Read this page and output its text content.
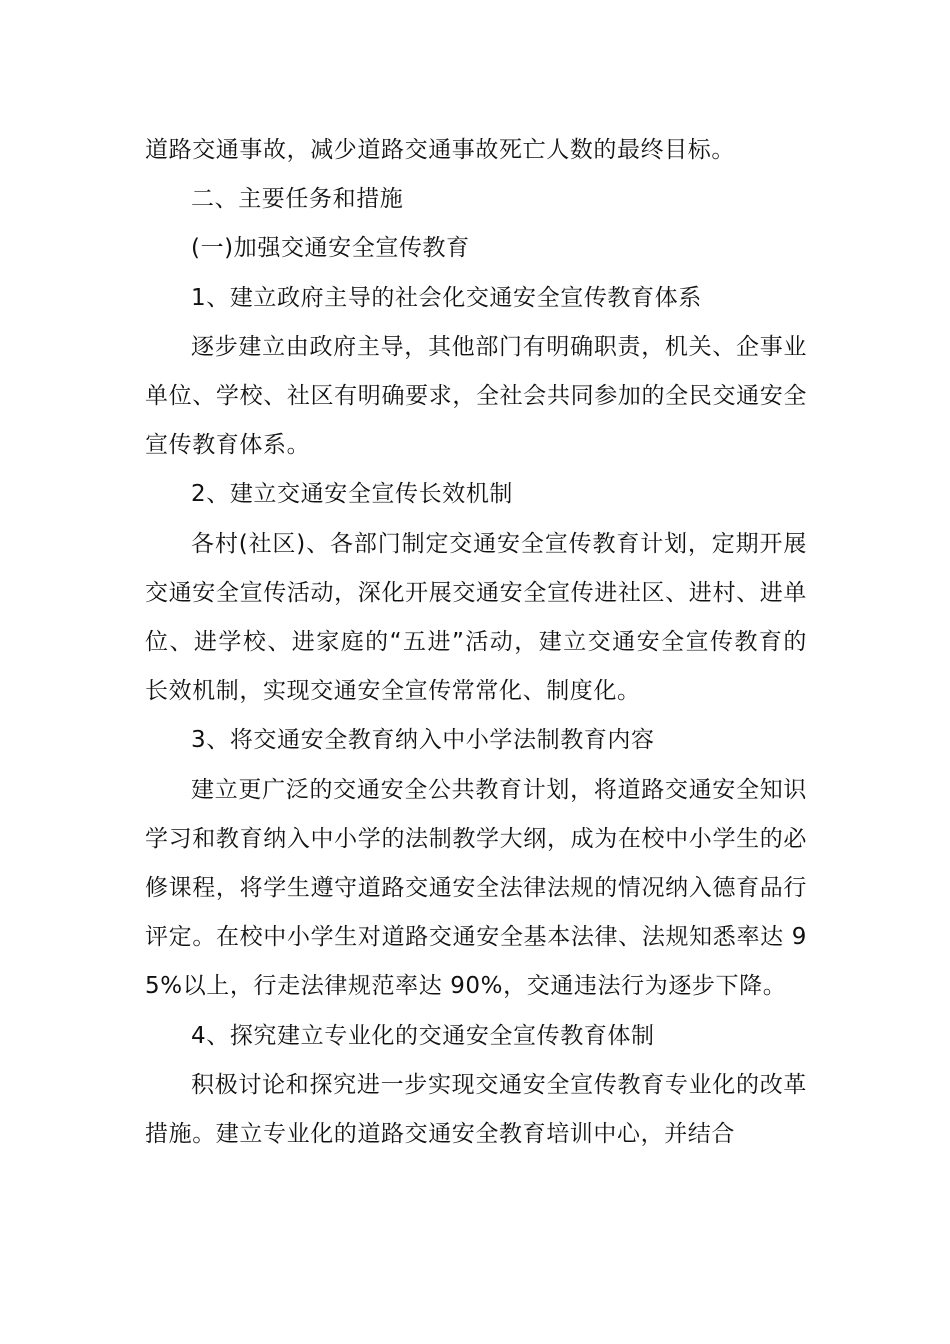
道路交通事故，减少道路交通事故死亡人数的最终目标。

二、主要任务和措施

(一)加强交通安全宣传教育

1、建立政府主导的社会化交通安全宣传教育体系

逐步建立由政府主导，其他部门有明确职责，机关、企事业单位、学校、社区有明确要求，全社会共同参加的全民交通安全宣传教育体系。

2、建立交通安全宣传长效机制

各村(社区)、各部门制定交通安全宣传教育计划，定期开展交通安全宣传活动，深化开展交通安全宣传进社区、进村、进单位、进学校、进家庭的“五进”活动，建立交通安全宣传教育的长效机制，实现交通安全宣传常常化、制度化。

3、将交通安全教育纳入中小学法制教育内容

建立更广泛的交通安全公共教育计划，将道路交通安全知识学习和教育纳入中小学的法制教学大纲，成为在校中小学生的必修课程，将学生遵守道路交通安全法律法规的情况纳入德育品行评定。在校中小学生对道路交通安全基本法律、法规知悉率达 95%以上，行走法律规范率达 90%，交通违法行为逐步下降。

4、探究建立专业化的交通安全宣传教育体制

积极讨论和探究进一步实现交通安全宣传教育专业化的改革措施。建立专业化的道路交通安全教育培训中心，并结合
